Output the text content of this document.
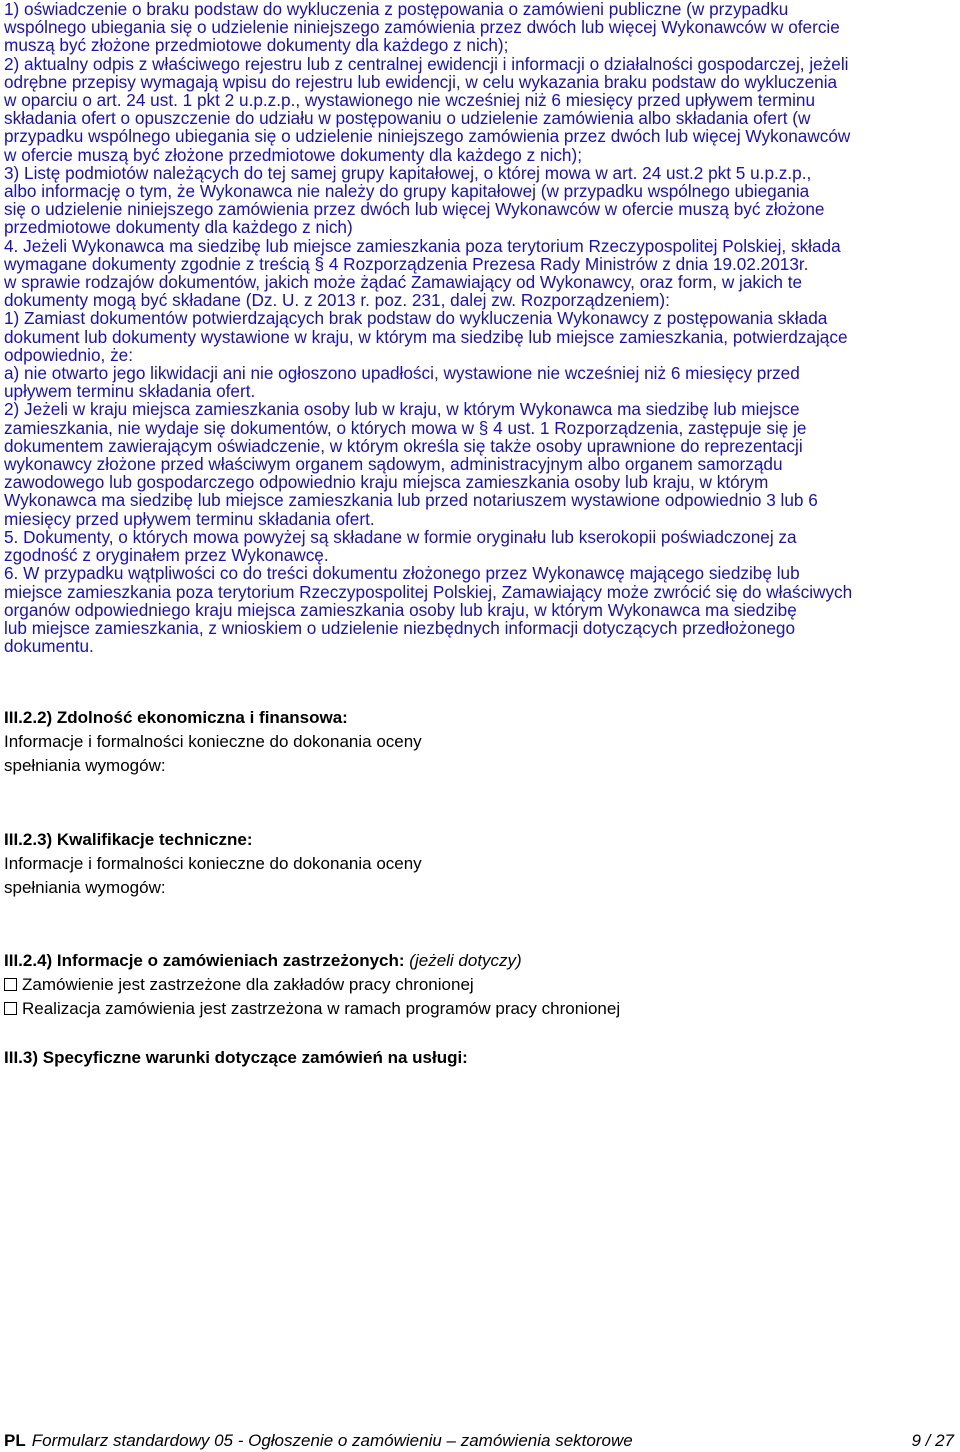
1) oświadczenie o braku podstaw do wykluczenia z postępowania o zamówieni publiczne (w przypadku
wspólnego ubiegania się o udzielenie niniejszego zamówienia przez dwóch lub więcej Wykonawców w ofercie
muszą być złożone przedmiotowe dokumenty dla każdego z nich);
2) aktualny odpis z właściwego rejestru lub z centralnej ewidencji i informacji o działalności gospodarczej, jeżeli
odrębne przepisy wymagają wpisu do rejestru lub ewidencji, w celu wykazania braku podstaw do wykluczenia
w oparciu o art. 24 ust. 1 pkt 2 u.p.z.p., wystawionego nie wcześniej niż 6 miesięcy przed upływem terminu
składania ofert o opuszczenie do udziału w postępowaniu o udzielenie zamówienia albo składania ofert (w
przypadku wspólnego ubiegania się o udzielenie niniejszego zamówienia przez dwóch lub więcej Wykonawców
w ofercie muszą być złożone przedmiotowe dokumenty dla każdego z nich);
3) Listę podmiotów należących do tej samej grupy kapitałowej, o której mowa w art. 24 ust.2 pkt 5 u.p.z.p.,
albo informację o tym, że Wykonawca nie należy do grupy kapitałowej (w przypadku wspólnego ubiegania
się o udzielenie niniejszego zamówienia przez dwóch lub więcej Wykonawców w ofercie muszą być złożone
przedmiotowe dokumenty dla każdego z nich)
4. Jeżeli Wykonawca ma siedzibę lub miejsce zamieszkania poza terytorium Rzeczypospolitej Polskiej, składa
wymagane dokumenty zgodnie z treścią § 4 Rozporządzenia Prezesa Rady Ministrów z dnia 19.02.2013r.
w sprawie rodzajów dokumentów, jakich może żądać Zamawiający od Wykonawcy, oraz form, w jakich te
dokumenty mogą być składane (Dz. U. z 2013 r. poz. 231, dalej zw. Rozporządzeniem):
1) Zamiast dokumentów potwierdzających brak podstaw do wykluczenia Wykonawcy z postępowania składa
dokument lub dokumenty wystawione w kraju, w którym ma siedzibę lub miejsce zamieszkania, potwierdzające
odpowiednio, że:
a) nie otwarto jego likwidacji ani nie ogłoszono upadłości, wystawione nie wcześniej niż 6 miesięcy przed
upływem terminu składania ofert.
2) Jeżeli w kraju miejsca zamieszkania osoby lub w kraju, w którym Wykonawca ma siedzibę lub miejsce
zamieszkania, nie wydaje się dokumentów, o których mowa w § 4 ust. 1 Rozporządzenia, zastępuje się je
dokumentem zawierającym oświadczenie, w którym określa się także osoby uprawnione do reprezentacji
wykonawcy złożone przed właściwym organem sądowym, administracyjnym albo organem samorządu
zawodowego lub gospodarczego odpowiednio kraju miejsca zamieszkania osoby lub kraju, w którym
Wykonawca ma siedzibę lub miejsce zamieszkania lub przed notariuszem wystawione odpowiednio 3 lub 6
miesięcy przed upływem terminu składania ofert.
5. Dokumenty, o których mowa powyżej są składane w formie oryginału lub kserokopii poświadczonej za
zgodność z oryginałem przez Wykonawcę.
6. W przypadku wątpliwości co do treści dokumentu złożonego przez Wykonawcę mającego siedzibę lub
miejsce zamieszkania poza terytorium Rzeczypospolitej Polskiej, Zamawiający może zwrócić się do właściwych
organów odpowiedniego kraju miejsca zamieszkania osoby lub kraju, w którym Wykonawca ma siedzibę
lub miejsce zamieszkania, z wnioskiem o udzielenie niezbędnych informacji dotyczących przedłożonego
dokumentu.
III.2.2) Zdolność ekonomiczna i finansowa:
Informacje i formalności konieczne do dokonania oceny
spełniania wymogów:
III.2.3) Kwalifikacje techniczne:
Informacje i formalności konieczne do dokonania oceny
spełniania wymogów:
III.2.4) Informacje o zamówieniach zastrzeżonych: (jeżeli dotyczy)
Zamówienie jest zastrzeżone dla zakładów pracy chronionej
Realizacja zamówienia jest zastrzeżona w ramach programów pracy chronionej
III.3) Specyficzne warunki dotyczące zamówień na usługi:
PL Formularz standardowy 05 - Ogłoszenie o zamówieniu – zamówienia sektorowe	9 / 27
